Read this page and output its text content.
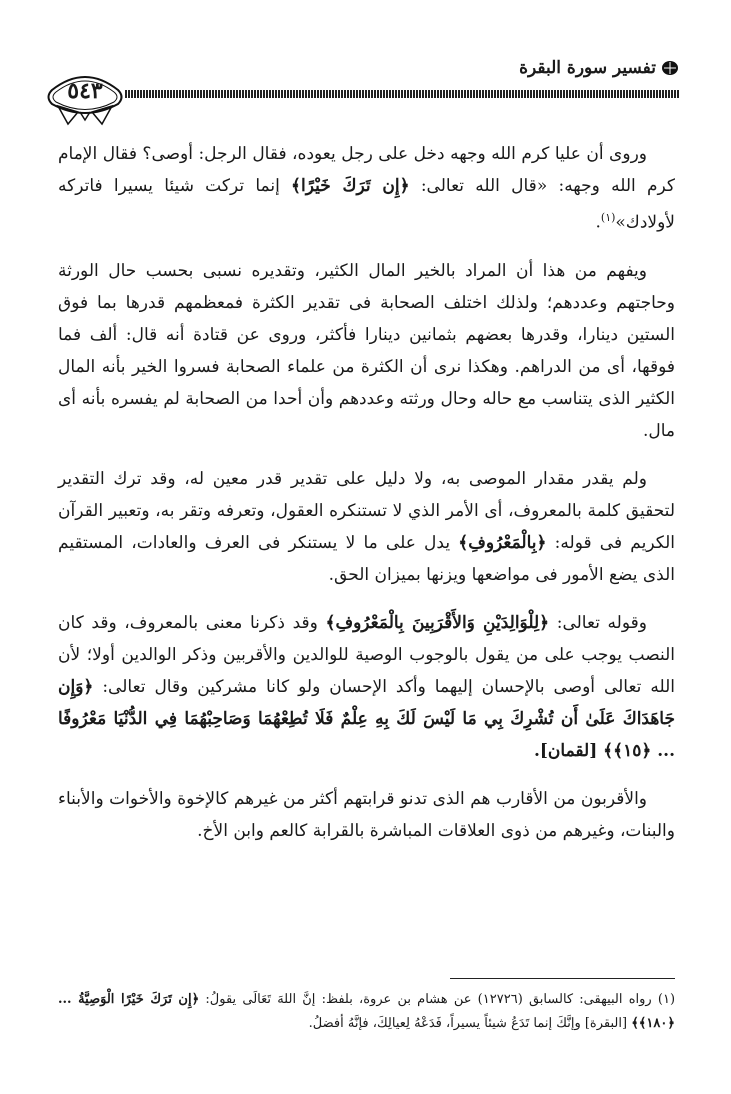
تفسير سورة البقرة
٥٤٣

وروى أن عليا كرم الله وجهه دخل على رجل يعوده، فقال الرجل: أوصى؟ فقال الإمام كرم الله وجهه: «قال الله تعالى: ﴿إِن تَرَكَ خَيْرًا﴾ إنما تركت شيئا يسيرا فاتركه لأولادك»$^{(١)}$.

ويفهم من هذا أن المراد بالخير المال الكثير، وتقديره نسبى بحسب حال الورثة وحاجتهم وعددهم؛ ولذلك اختلف الصحابة فى تقدير الكثرة فمعظمهم قدرها بما فوق الستين دينارا، وقدرها بعضهم بثمانين دينارا فأكثر، وروى عن قتادة أنه قال: ألف فما فوقها، أى من الدراهم. وهكذا نرى أن الكثرة من علماء الصحابة فسروا الخير بأنه المال الكثير الذى يتناسب مع حاله وحال ورثته وعددهم وأن أحدا من الصحابة لم يفسره بأنه أى مال.

ولم يقدر مقدار الموصى به، ولا دليل على تقدير قدر معين له، وقد ترك التقدير لتحقيق كلمة بالمعروف، أى الأمر الذي لا تستنكره العقول، وتعرفه وتقر به، وتعبير القرآن الكريم فى قوله: ﴿بِالْمَعْرُوفِ﴾ يدل على ما لا يستنكر فى العرف والعادات، المستقيم الذى يضع الأمور فى مواضعها ويزنها بميزان الحق.

وقوله تعالى: ﴿لِلْوَالِدَيْنِ وَالأَقْرَبِينَ بِالْمَعْرُوفِ﴾ وقد ذكرنا معنى بالمعروف، وقد كان النصب يوجب على من يقول بالوجوب الوصية للوالدين والأقربين وذكر الوالدين أولا؛ لأن الله تعالى أوصى بالإحسان إليهما وأكد الإحسان ولو كانا مشركين وقال تعالى: ﴿وَإِن جَاهَدَاكَ عَلَىٰ أَن تُشْرِكَ بِي مَا لَيْسَ لَكَ بِهِ عِلْمٌ فَلَا تُطِعْهُمَا وَصَاحِبْهُمَا فِي الدُّنْيَا مَعْرُوفًا ... ﴿١٥﴾﴾ [لقمان].

والأقربون من الأقارب هم الذى تدنو قرابتهم أكثر من غيرهم كالإخوة والأخوات والأبناء والبنات، وغيرهم من ذوى العلاقات المباشرة بالقرابة كالعم وابن الأخ.

(١) رواه البيهقى: كالسابق (١٢٧٢٦) عن هشام بن عروة، بلفظ: إنَّ اللهَ تَعَالَى يقولُ: ﴿إِن تَرَكَ خَيْرًا الْوَصِيَّةُ ... ﴿١٨٠﴾﴾ [البقرة] وإنَّكَ إنما تَدَعُ شيئاً يسيراً، فَدَعْهُ لِعيالِكَ، فإنَّهُ أفضلُ.
